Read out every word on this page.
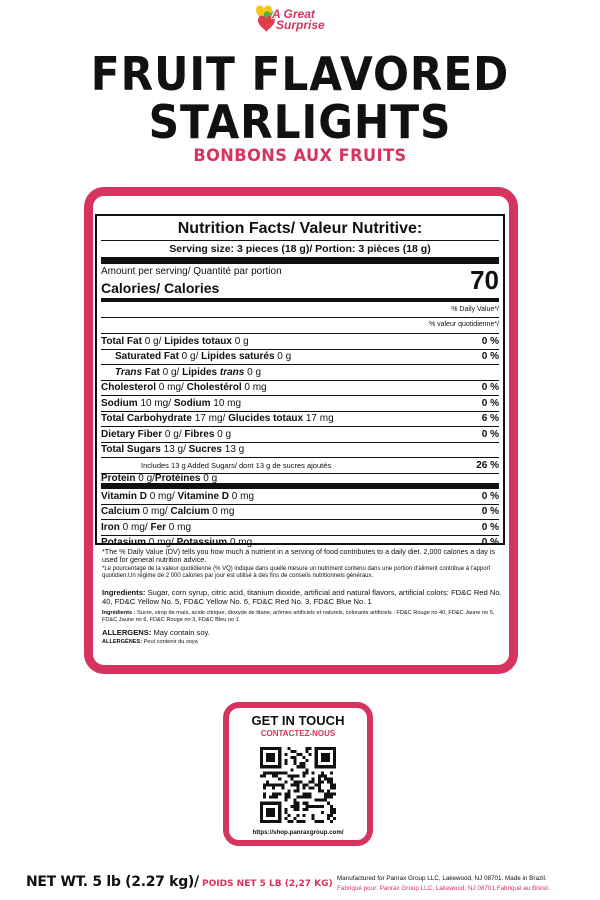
A Great
Surprise
FRUIT FLAVORED
STARLIGHTS
BONBONS AUX FRUITS
Nutrition Facts/ Valeur Nutritive:
Serving size: 3 pieces (18 g)/ Portion: 3 pièces (18 g)
Amount per serving/ Quantité par portion
Calories/ Calories	70
% Daily Value*/
% valeur quotidienne*/
Total Fat 0 g/ Lipides totaux 0 g	0 %
Saturated Fat 0 g/ Lipides saturés 0 g	0 %
Trans Fat 0 g/ Lipides trans 0 g
Cholesterol 0 mg/ Cholestérol 0 mg	0 %
Sodium 10 mg/ Sodium 10 mg	0 %
Total Carbohydrate 17 mg/ Glucides totaux 17 mg	6 %
Dietary Fiber 0 g/ Fibres 0 g	0 %
Total Sugars 13 g/ Sucres 13 g
Includes 13 g Added Sugars/ dont 13 g de sucres ajoutés	26 %
Protein 0 g/Protéines 0 g
Vitamin D 0 mg/ Vitamine D 0 mg	0 %
Calcium 0 mg/ Calcium 0 mg	0 %
Iron 0 mg/ Fer 0 mg	0 %
Potasium 0 mg/ Potassium 0 mg	0 %
*The % Daily Value (DV) tells you how much a nutrient in a serving of food contributes to a daily diet. 2,000 calories a day is used for general nutrition advice.
*Le pourcentage de la valeur quotidienne (% VQ) indique dans quelle mesure un nutriment contenu dans une portion d'aliment contribue à l'apport quotidien.Un régime de 2 000 calories par jour est utilisé à des fins de conseils nutritionnels généraux.
Ingredients: Sugar, corn syrup, citric acid, titanium dioxide, artificial and natural flavors, artificial colors: FD&C Red No. 40, FD&C Yellow No. 5, FD&C Yellow No. 6, FD&C Red No. 3, FD&C Blue No. 1
Ingrédients : Sucre, sirop de maïs, acide citrique, dioxyde de titane, arômes artificiels et naturels, colorants artificiels : FD&C Rouge no 40, FD&C Jaune no 5, FD&C Jaune no 6, FD&C Rouge no 3, FD&C Bleu no 1
ALLERGENS: May contain soy.
ALLERGÈNES: Peut contenir du soya
GET IN TOUCH
CONTACTEZ-NOUS
https://shop.panraxgroup.com/
NET WT. 5 lb (2.27 kg)/ POIDS NET 5 LB (2,27 KG)
Manufactured for Panrax Group LLC, Lakewood, NJ 08701. Made in Brazil.
Fabriqué pour: Panrax Group LLC, Lakewood, NJ 08701.Fabriqué au Brésil.
